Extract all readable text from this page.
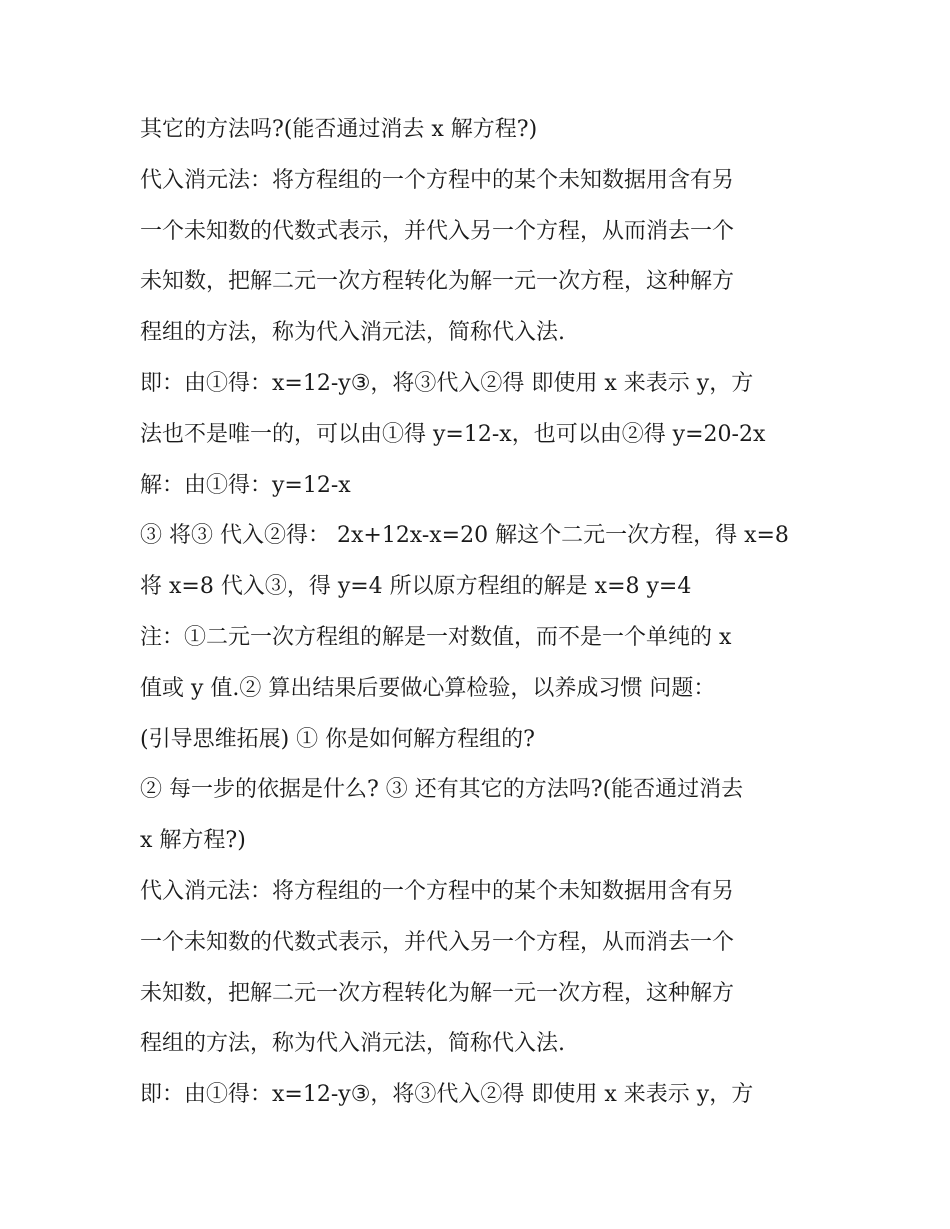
其它的方法吗?(能否通过消去 x 解方程?)
代入消元法：将方程组的一个方程中的某个未知数据用含有另
一个未知数的代数式表示，并代入另一个方程，从而消去一个
未知数，把解二元一次方程转化为解一元一次方程，这种解方
程组的方法，称为代入消元法，简称代入法.
即：由①得：x=12-y③，将③代入②得 即使用 x 来表示 y，方
法也不是唯一的，可以由①得 y=12-x，也可以由②得 y=20-2x
解：由①得：y=12-x
③ 将③ 代入②得： 2x+12x-x=20 解这个二元一次方程，得 x=8
将 x=8 代入③，得 y=4 所以原方程组的解是 x=8 y=4
注：①二元一次方程组的解是一对数值，而不是一个单纯的 x
值或 y 值.② 算出结果后要做心算检验，以养成习惯 问题：
(引导思维拓展) ① 你是如何解方程组的?
② 每一步的依据是什么? ③ 还有其它的方法吗?(能否通过消去
x 解方程?)
代入消元法：将方程组的一个方程中的某个未知数据用含有另
一个未知数的代数式表示，并代入另一个方程，从而消去一个
未知数，把解二元一次方程转化为解一元一次方程，这种解方
程组的方法，称为代入消元法，简称代入法.
即：由①得：x=12-y③，将③代入②得 即使用 x 来表示 y，方
